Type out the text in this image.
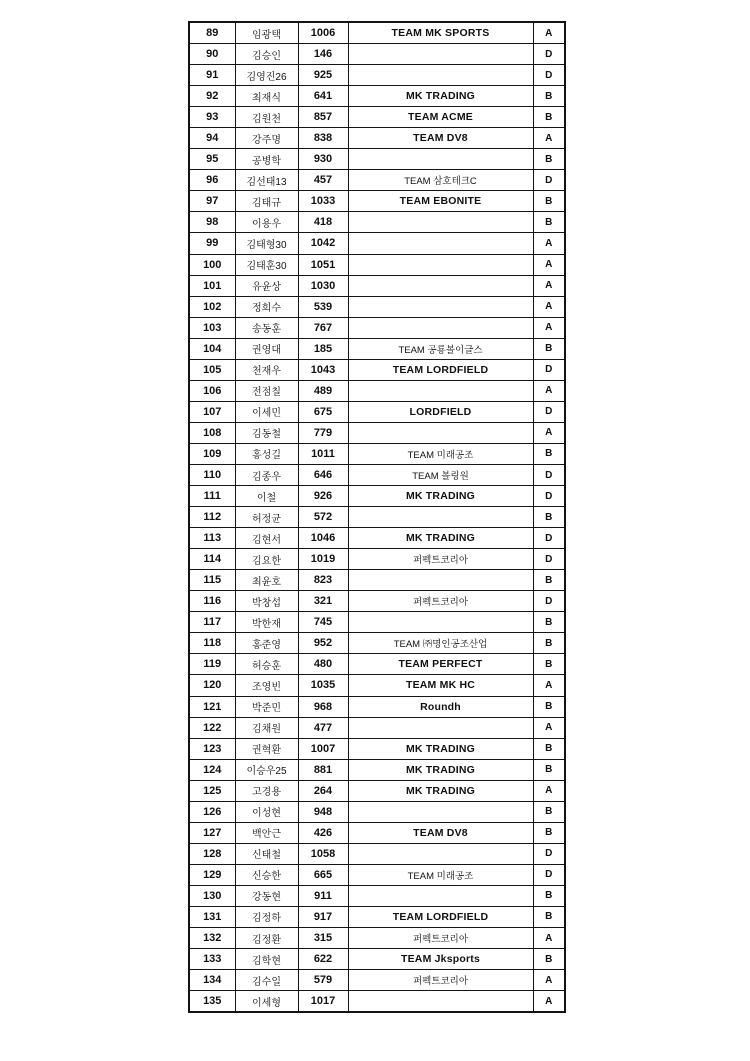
89	임광택	1006	TEAM MK SPORTS	A
90	김승인	146		D
91	김영진26	925		D
92	최재식	641	MK TRADING	B
93	김원천	857	TEAM ACME	B
94	강주명	838	TEAM DV8	A
95	공병학	930		B
96	김선태13	457	TEAM 삼호테크C	D
97	김태규	1033	TEAM EBONITE	B
98	이용우	418		B
99	김태형30	1042		A
100	김태훈30	1051		A
101	유윤상	1030		A
102	정희수	539		A
103	송동훈	767		A
104	권영대	185	TEAM 공룡볼이글스	B
105	천재우	1043	TEAM LORDFIELD	D
106	전점칠	489		A
107	이세민	675	LORDFIELD	D
108	김동철	779		A
109	홍성길	1011	TEAM 미래공조	B
110	김종우	646	TEAM 볼링원	D
111	이철	926	MK TRADING	D
112	허정균	572		B
113	김현서	1046	MK TRADING	D
114	김요한	1019	퍼펙트코리아	D
115	최윤호	823		B
116	박창섭	321	퍼펙트코리아	D
117	박한재	745		B
118	홍준영	952	TEAM ㈜명인공조산업	B
119	허승훈	480	TEAM PERFECT	B
120	조영빈	1035	TEAM MK HC	A
121	박준민	968	Roundh	B
122	김채원	477		A
123	권혁환	1007	MK TRADING	B
124	이승우25	881	MK TRADING	B
125	고경용	264	MK TRADING	A
126	이성현	948		B
127	백안근	426	TEAM DV8	B
128	신태철	1058		D
129	신승한	665	TEAM 미래공조	D
130	강동현	911		B
131	김정하	917	TEAM LORDFIELD	B
132	김정환	315	퍼펙트코리아	A
133	김학현	622	TEAM Jksports	B
134	김수일	579	퍼펙트코리아	A
135	이세형	1017		A
